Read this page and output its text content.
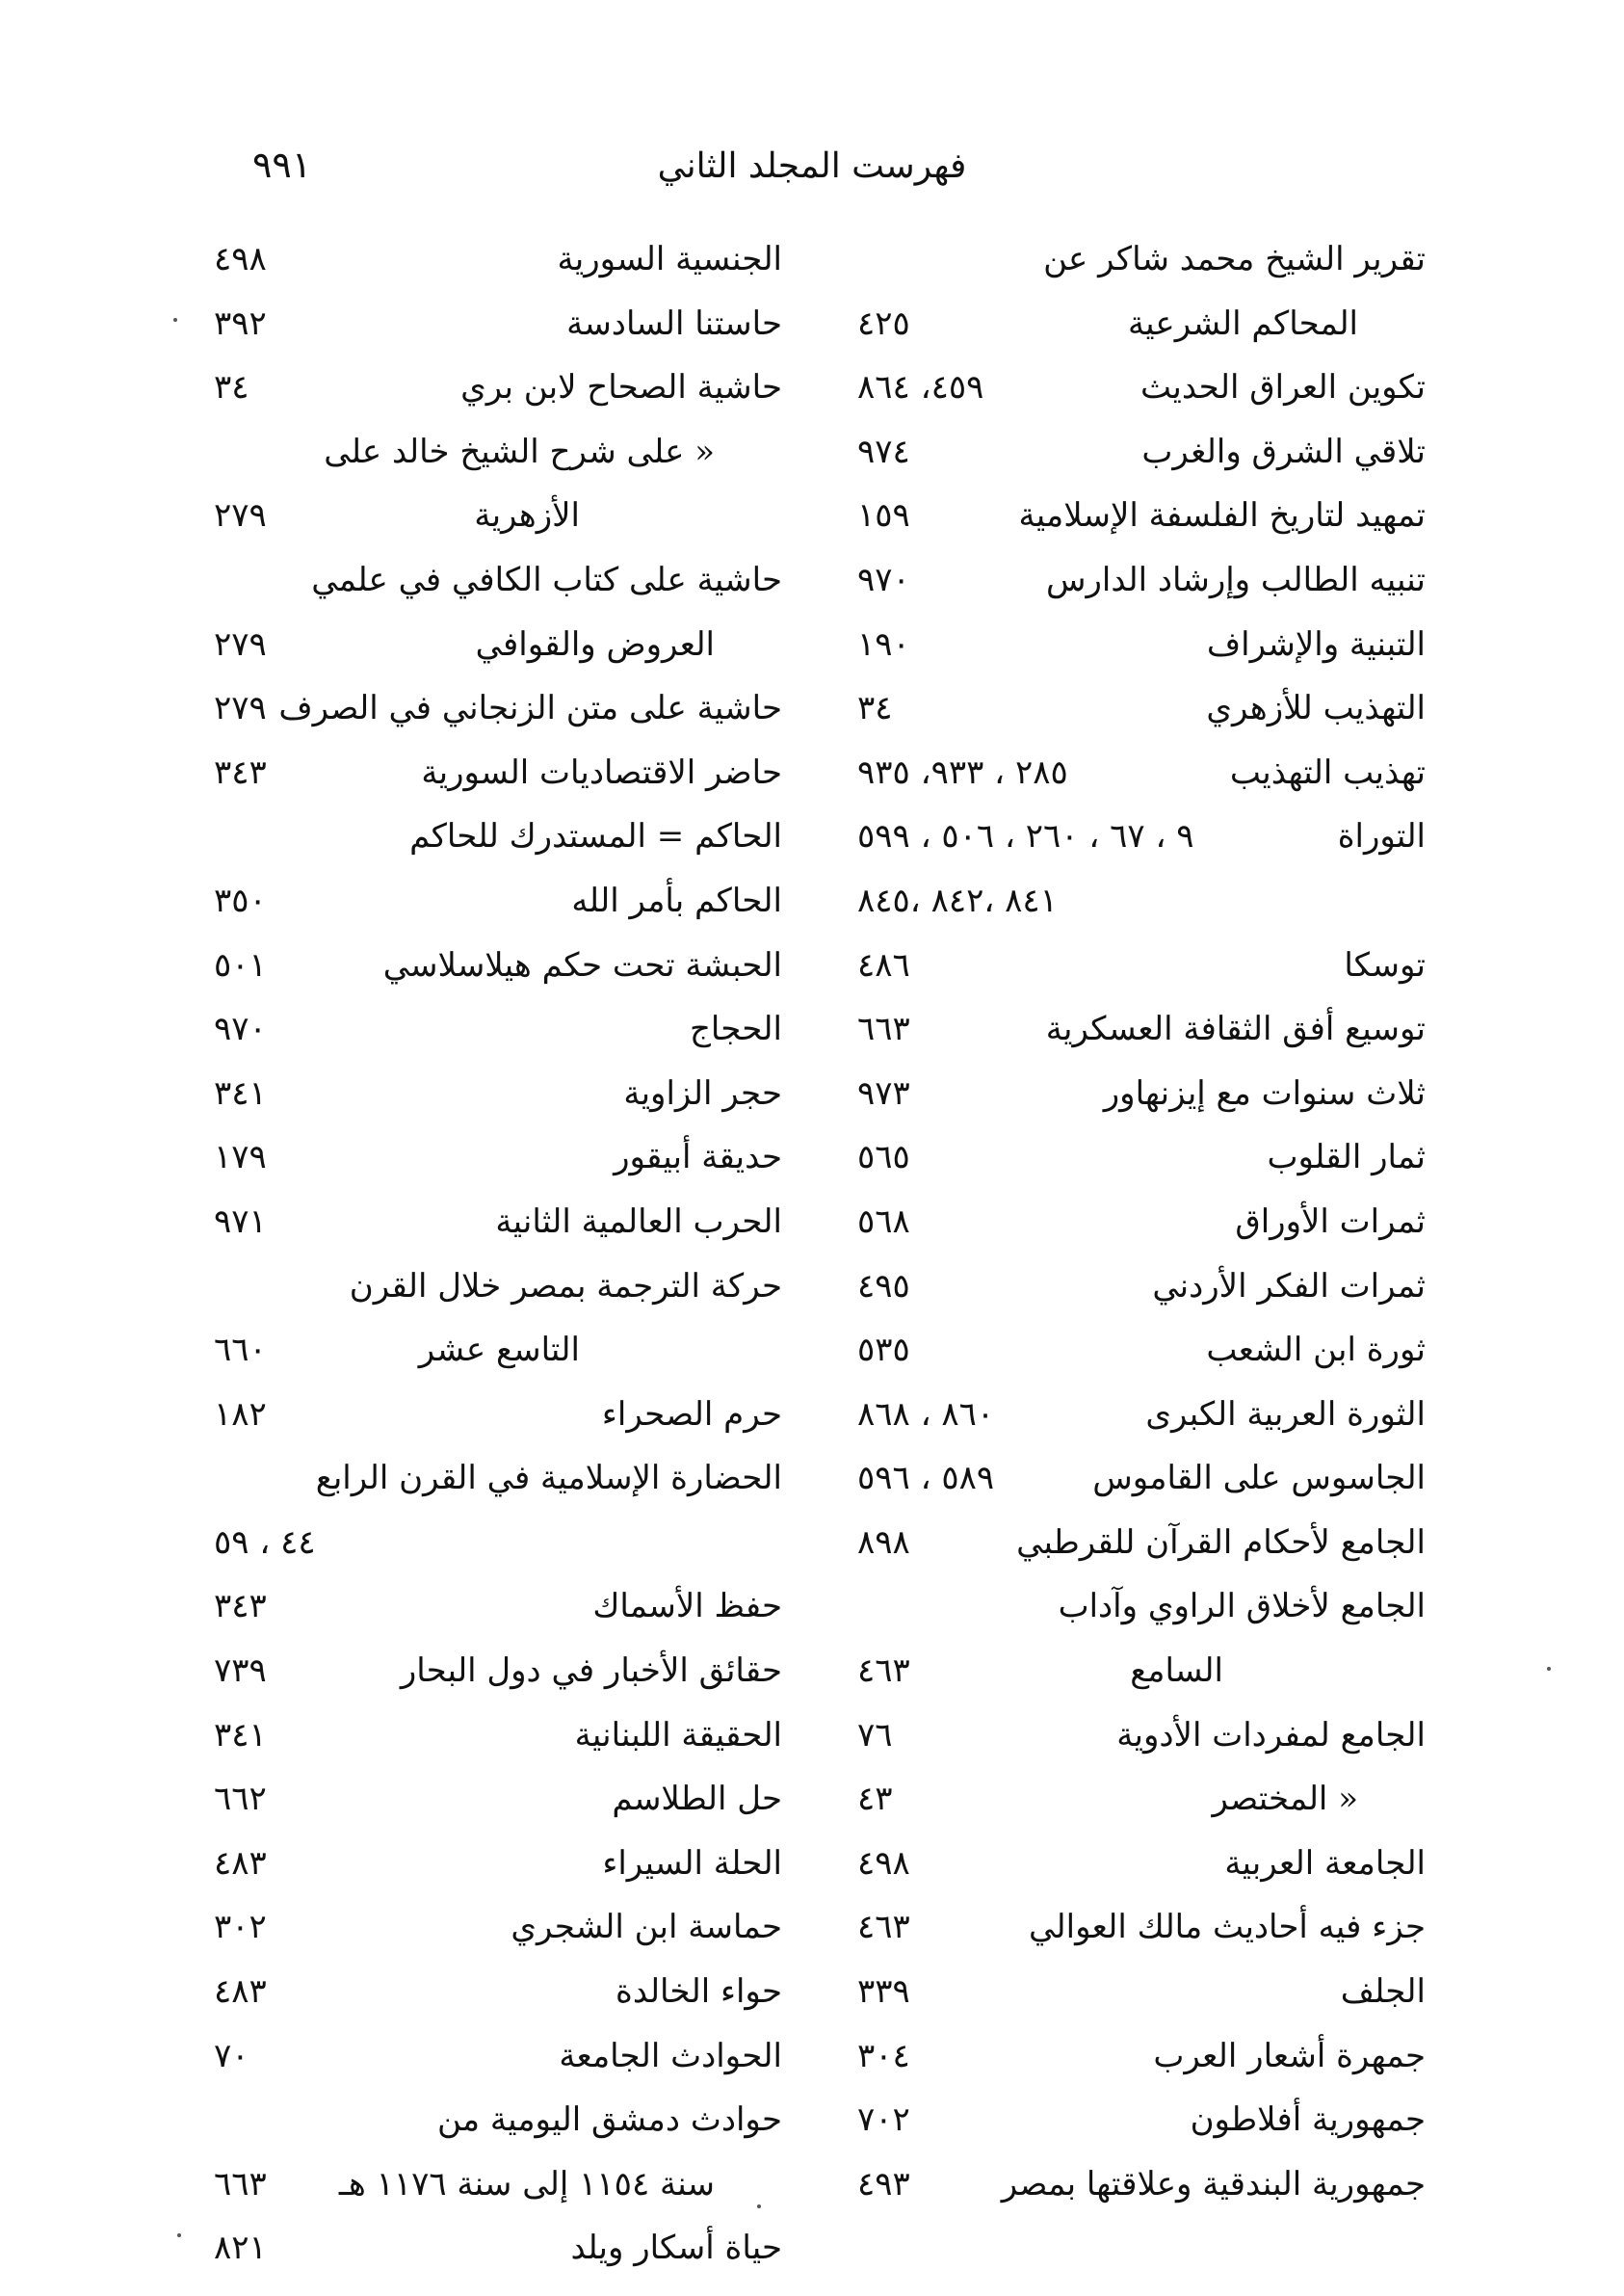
فهرست المجلد الثاني
٩٩١
تقرير الشيخ محمد شاكر عن
المحاكم الشرعية
٤٢٥
تكوين العراق الحديث
٤٥٩، ٨٦٤
تلاقي الشرق والغرب
٩٧٤
تمهيد لتاريخ الفلسفة الإسلامية
١٥٩
تنبيه الطالب وإرشاد الدارس
٩٧٠
التبنية والإشراف
١٩٠
التهذيب للأزهري
٣٤
تهذيب التهذيب
٢٨٥ ، ٩٣٣، ٩٣٥
التوراة
٩ ، ٦٧ ، ٢٦٠ ، ٥٠٦ ، ٥٩٩
٨٤١ ،٨٤٢ ،٨٤٥
توسكا
٤٨٦
توسيع أفق الثقافة العسكرية
٦٦٣
ثلاث سنوات مع إيزنهاور
٩٧٣
ثمار القلوب
٥٦٥
ثمرات الأوراق
٥٦٨
ثمرات الفكر الأردني
٤٩٥
ثورة ابن الشعب
٥٣٥
الثورة العربية الكبرى
٨٦٠ ، ٨٦٨
الجاسوس على القاموس
٥٨٩ ، ٥٩٦
الجامع لأحكام القرآن للقرطبي
٨٩٨
الجامع لأخلاق الراوي وآداب
السامع
٤٦٣
الجامع لمفردات الأدوية
٧٦
« المختصر
٤٣
الجامعة العربية
٤٩٨
جزء فيه أحاديث مالك العوالي
٤٦٣
الجلف
٣٣٩
جمهرة أشعار العرب
٣٠٤
جمهورية أفلاطون
٧٠٢
جمهورية البندقية وعلاقتها بمصر
٤٩٣
الجنسية السورية
٤٩٨
حاستنا السادسة
٣٩٢
حاشية الصحاح لابن بري
٣٤
« على شرح الشيخ خالد على
الأزهرية
٢٧٩
حاشية على كتاب الكافي في علمي
العروض والقوافي
٢٧٩
حاشية على متن الزنجاني في الصرف
٢٧٩
حاضر الاقتصاديات السورية
٣٤٣
الحاكم = المستدرك للحاكم
الحاكم بأمر الله
٣٥٠
الحبشة تحت حكم هيلاسلاسي
٥٠١
الحجاج
٩٧٠
حجر الزاوية
٣٤١
حديقة أبيقور
١٧٩
الحرب العالمية الثانية
٩٧١
حركة الترجمة بمصر خلال القرن
التاسع عشر
٦٦٠
حرم الصحراء
١٨٢
الحضارة الإسلامية في القرن الرابع
٤٤ ، ٥٩
حفظ الأسماك
٣٤٣
حقائق الأخبار في دول البحار
٧٣٩
الحقيقة اللبنانية
٣٤١
حل الطلاسم
٦٦٢
الحلة السيراء
٤٨٣
حماسة ابن الشجري
٣٠٢
حواء الخالدة
٤٨٣
الحوادث الجامعة
٧٠
حوادث دمشق اليومية من
سنة ١١٥٤ إلى سنة ١١٧٦ هـ
٦٦٣
حياة أسكار ويلد
٨٢١
